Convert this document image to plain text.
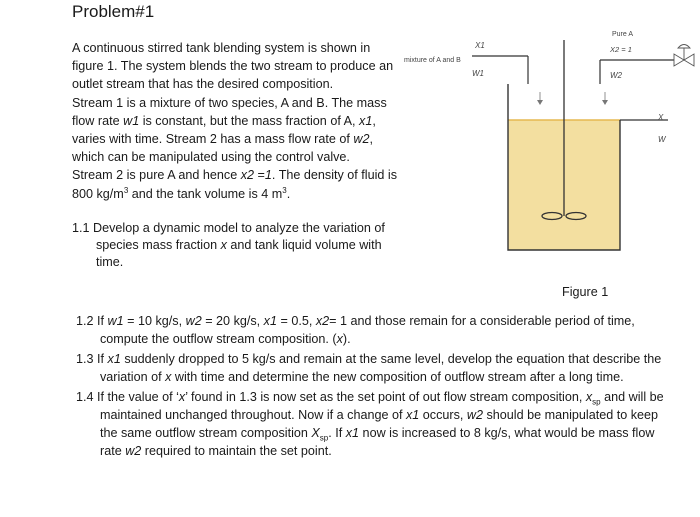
Problem#1

A continuous stirred tank blending system is shown in figure 1. The system blends the two stream to produce an outlet stream that has the desired composition.
Stream 1 is a mixture of two species, A and B. The mass flow rate w1 is constant, but the mass fraction of A, x1, varies with time. Stream 2 has a mass flow rate of w2, which can be manipulated using the control valve.
Stream 2 is pure A and hence x2 =1. The density of fluid is 800 $kg/m^3$ and the tank volume is 4 $m^3$.

1.1 Develop a dynamic model to analyze the variation of species mass fraction x and tank liquid volume with time.
Pure A
X2 = 1
mixture of A and B
X1
W1	W2
X
W
Figure 1
1.2 If w1 = 10 kg/s, w2 = 20 kg/s, x1 = 0.5, x2= 1 and those remain for a considerable period of time, compute the outflow stream composition. (x).
1.3 If x1 suddenly dropped to 5 kg/s and remain at the same level, develop the equation that describe the variation of x with time and determine the new composition of outflow stream after a long time.
1.4 If the value of ‘x’ found in 1.3 is now set as the set point of out flow stream composition, $x_{sp}$ and will be maintained unchanged throughout. Now if a change of x1 occurs, w2 should be manipulated to keep the same outflow stream composition $X_{sp}$. If x1 now is increased to 8 kg/s, what would be mass flow rate w2 required to maintain the set point.
